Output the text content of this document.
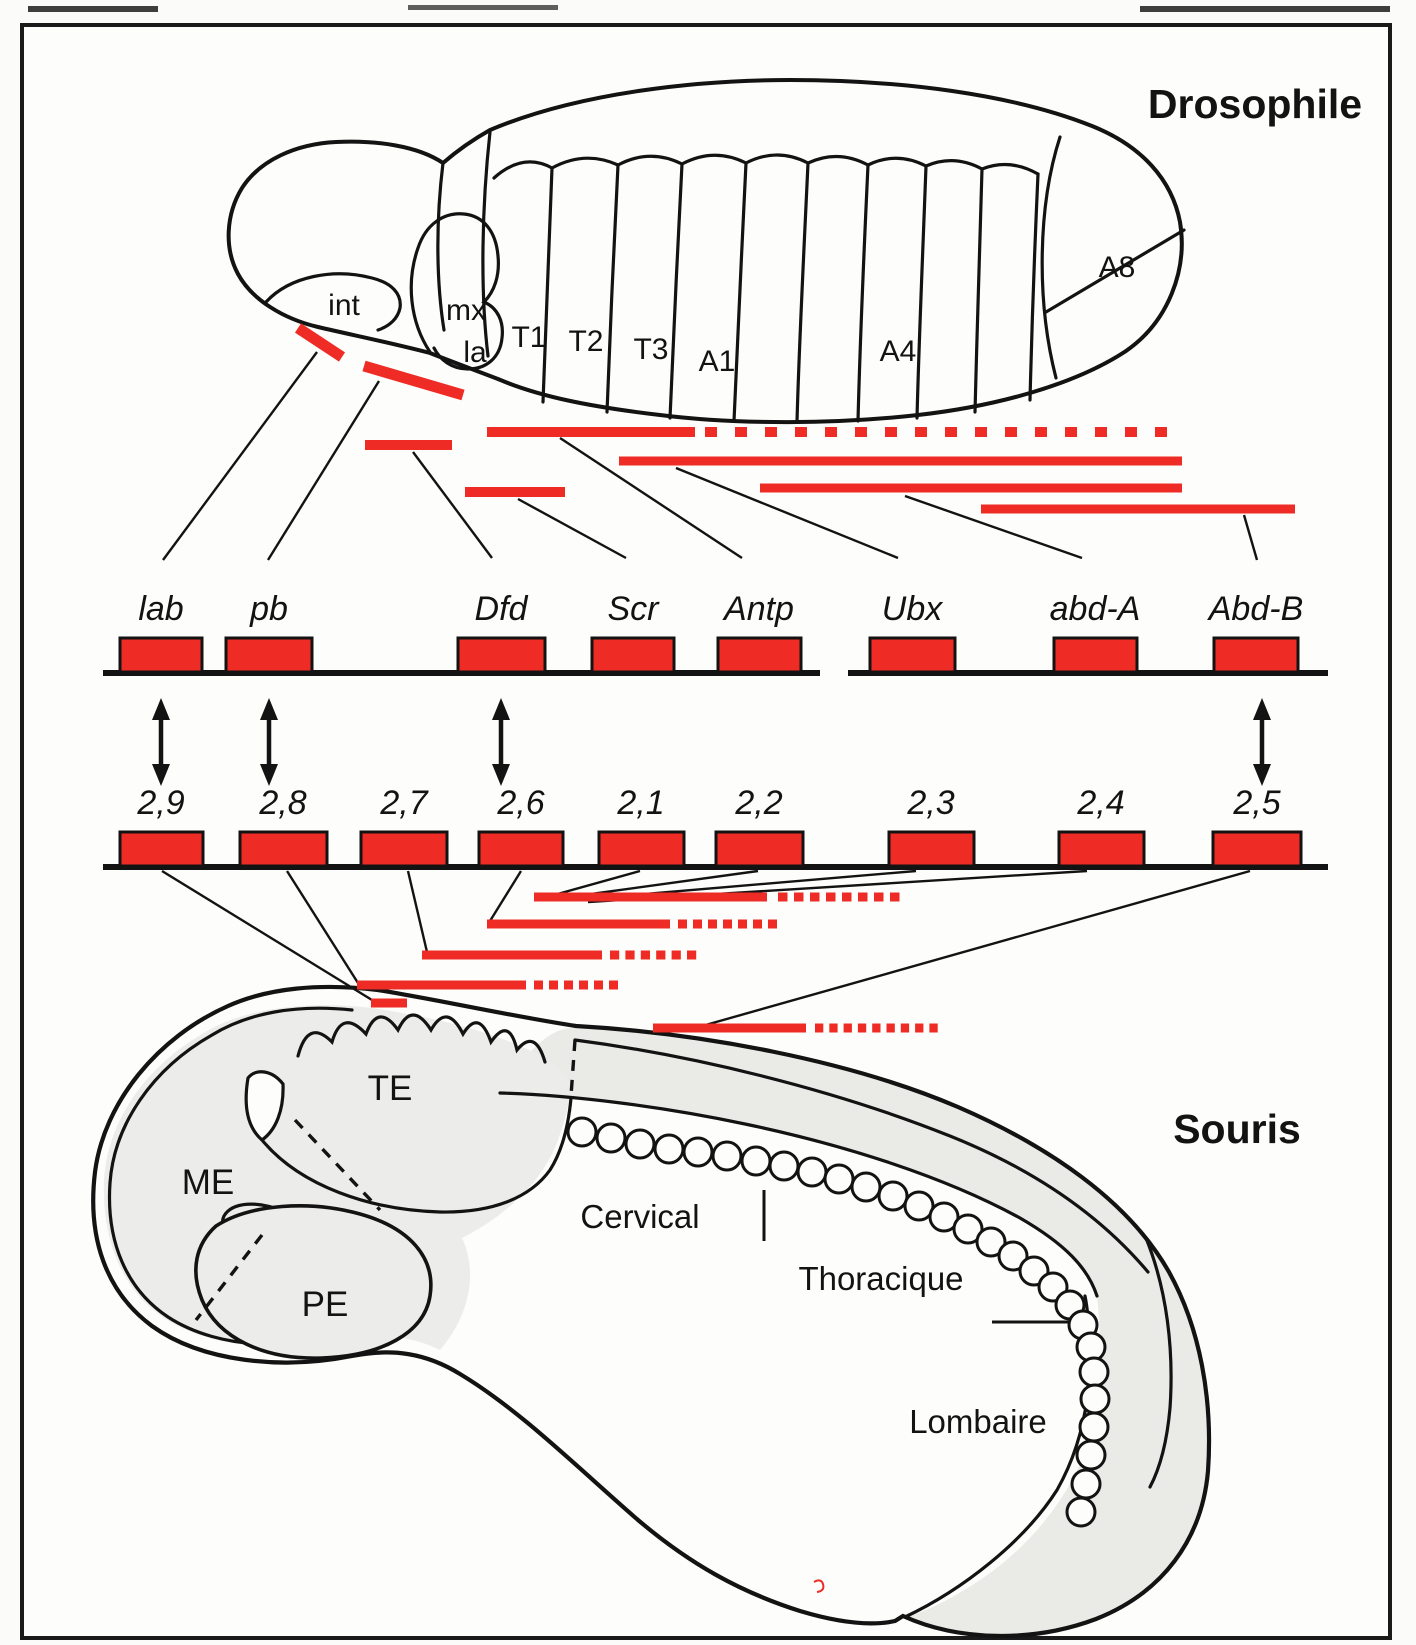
int	mx
la T1 T2 T3 A1	A4
A8
TE
ME
PE
Cervical
Thoracique
Lombaire
lab pb	Dfd Scr Antp	Ubx	abd-A Abd-B
2,9 2,8 2,7 2,6 2,1 2,2	2,3	2,4	2,5
Drosophile
Souris
